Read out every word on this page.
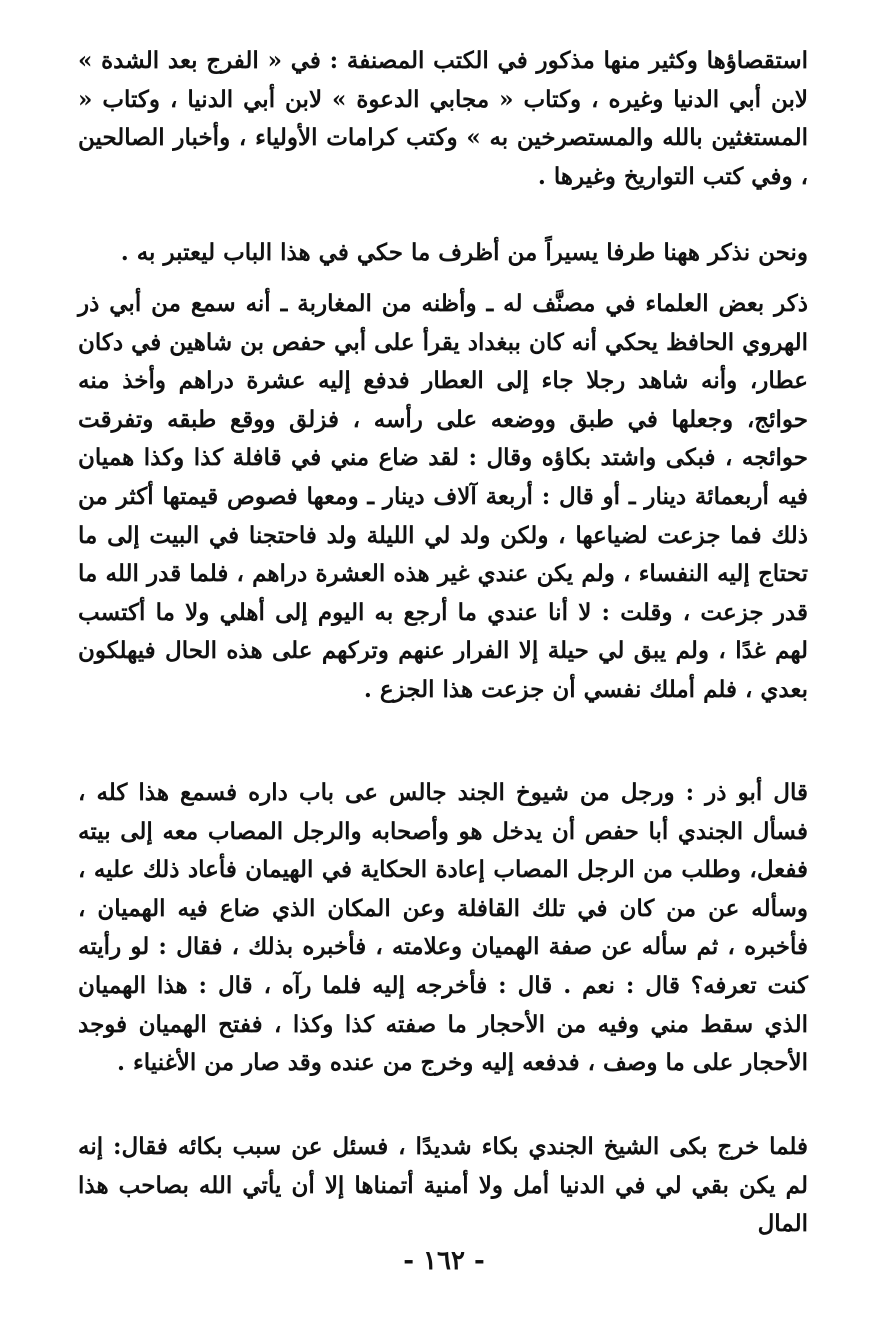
استقصاؤها وكثير منها مذكور في الكتب المصنفة : في « الفرج بعد الشدة » لابن أبي الدنيا وغيره ، وكتاب « مجابي الدعوة » لابن أبي الدنيا ، وكتاب « المستغثين بالله والمستصرخين به » وكتب كرامات الأولياء ، وأخبار الصالحين ، وفي كتب التواريخ وغيرها .

ونحن نذكر ههنا طرفا يسيراً من أظرف ما حكي في هذا الباب ليعتبر به .

ذكر بعض العلماء في مصنَّف له ـ وأظنه من المغاربة ـ أنه سمع من أبي ذر الهروي الحافظ يحكي أنه كان ببغداد يقرأ على أبي حفص بن شاهين في دكان عطار، وأنه شاهد رجلا جاء إلى العطار فدفع إليه عشرة دراهم وأخذ منه حوائج، وجعلها في طبق ووضعه على رأسه ، فزلق ووقع طبقه وتفرقت حوائجه ، فبكى واشتد بكاؤه وقال : لقد ضاع مني في قافلة كذا وكذا هميان فيه أربعمائة دينار ـ أو قال : أربعة آلاف دينار ـ ومعها فصوص قيمتها أكثر من ذلك فما جزعت لضياعها ، ولكن ولد لي الليلة ولد فاحتجنا في البيت إلى ما تحتاج إليه النفساء ، ولم يكن عندي غير هذه العشرة دراهم ، فلما قدر الله ما قدر جزعت ، وقلت : لا أنا عندي ما أرجع به اليوم إلى أهلي ولا ما أكتسب لهم غدًا ، ولم يبق لي حيلة إلا الفرار عنهم وتركهم على هذه الحال فيهلكون بعدي ، فلم أملك نفسي أن جزعت هذا الجزع .

قال أبو ذر : ورجل من شيوخ الجند جالس عى باب داره فسمع هذا كله ، فسأل الجندي أبا حفص أن يدخل هو وأصحابه والرجل المصاب معه إلى بيته ففعل، وطلب من الرجل المصاب إعادة الحكاية في الهيمان فأعاد ذلك عليه ، وسأله عن من كان في تلك القافلة وعن المكان الذي ضاع فيه الهميان ، فأخبره ، ثم سأله عن صفة الهميان وعلامته ، فأخبره بذلك ، فقال : لو رأيته كنت تعرفه؟ قال : نعم . قال : فأخرجه إليه فلما رآه ، قال : هذا الهميان الذي سقط مني وفيه من الأحجار ما صفته كذا وكذا ، ففتح الهميان فوجد الأحجار على ما وصف ، فدفعه إليه وخرج من عنده وقد صار من الأغنياء .

فلما خرج بكى الشيخ الجندي بكاء شديدًا ، فسئل عن سبب بكائه فقال: إنه لم يكن بقي لي في الدنيا أمل ولا أمنية أتمناها إلا أن يأتي الله بصاحب هذا المال

- ١٦٢ -
